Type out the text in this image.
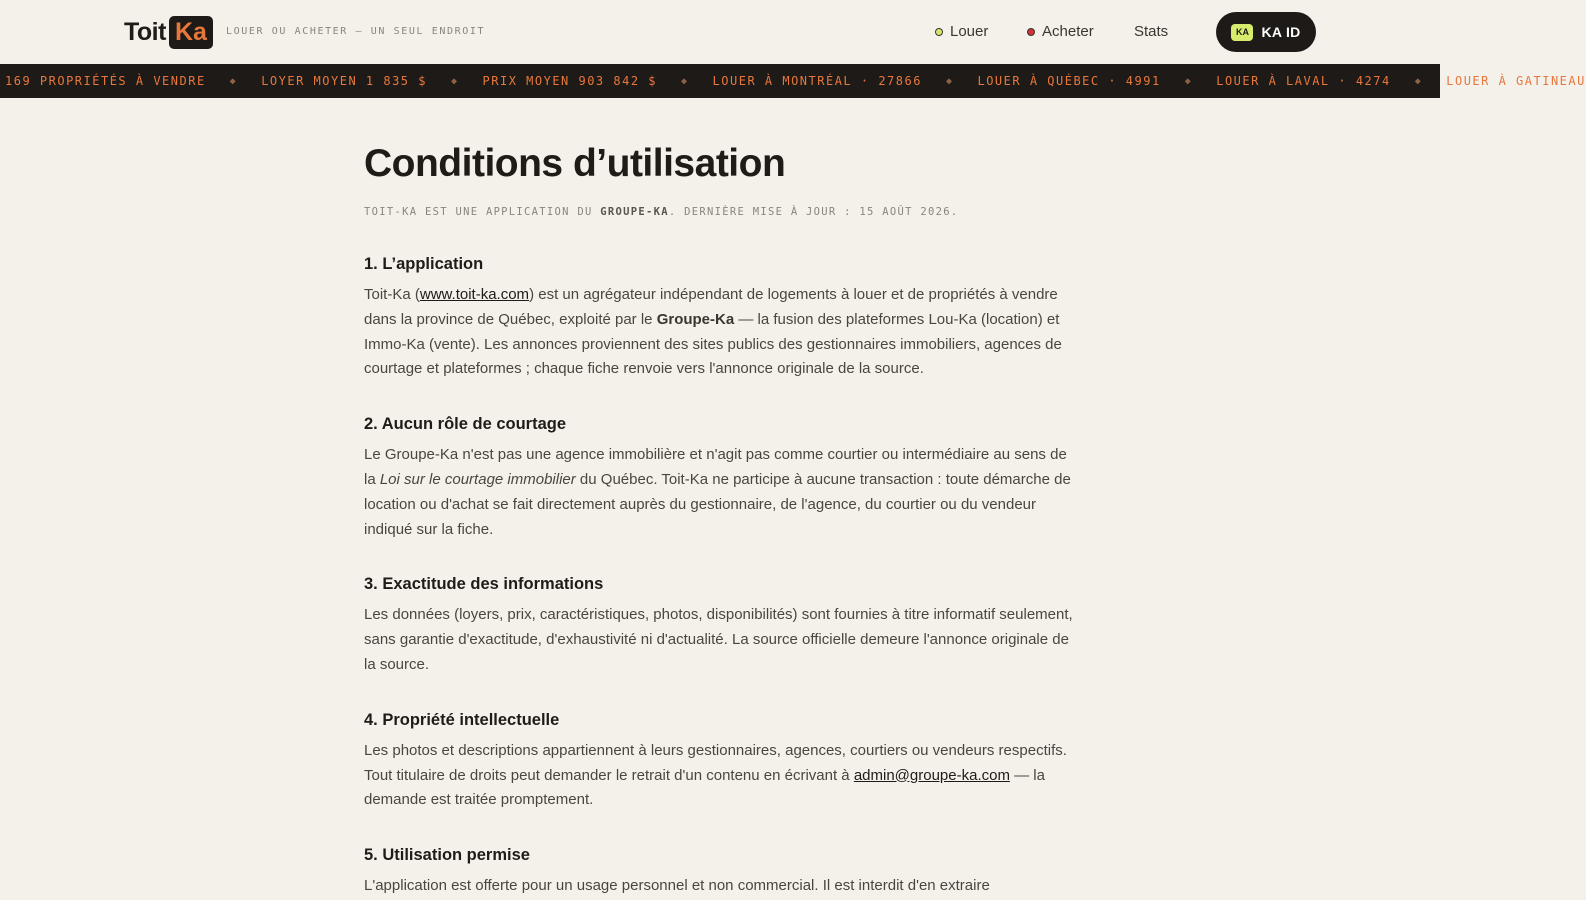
Toit Ka	LOUER OU ACHETER — UN SEUL ENDROIT	Louer	Acheter	Stats	KA KA ID
169 PROPRIÉTÉS À VENDRE ◆ LOYER MOYEN 1 835 $ ◆ PRIX MOYEN 903 842 $ ◆ LOUER À MONTRÉAL · 27866 ◆ LOUER À QUÉBEC · 4991 ◆ LOUER À LAVAL · 4274 ◆ LOUER À GATINEAU
Conditions d’utilisation
TOIT-KA EST UNE APPLICATION DU GROUPE-KA. DERNIÈRE MISE À JOUR : 15 AOÛT 2026.
1. L’application

Toit-Ka (www.toit-ka.com) est un agrégateur indépendant de logements à louer et de propriétés à vendre dans la province de Québec, exploité par le Groupe-Ka — la fusion des plateformes Lou-Ka (location) et Immo-Ka (vente). Les annonces proviennent des sites publics des gestionnaires immobiliers, agences de courtage et plateformes ; chaque fiche renvoie vers l'annonce originale de la source.

2. Aucun rôle de courtage

Le Groupe-Ka n'est pas une agence immobilière et n'agit pas comme courtier ou intermédiaire au sens de la Loi sur le courtage immobilier du Québec. Toit-Ka ne participe à aucune transaction : toute démarche de location ou d'achat se fait directement auprès du gestionnaire, de l'agence, du courtier ou du vendeur indiqué sur la fiche.

3. Exactitude des informations

Les données (loyers, prix, caractéristiques, photos, disponibilités) sont fournies à titre informatif seulement, sans garantie d'exactitude, d'exhaustivité ni d'actualité. La source officielle demeure l'annonce originale de la source.

4. Propriété intellectuelle

Les photos et descriptions appartiennent à leurs gestionnaires, agences, courtiers ou vendeurs respectifs. Tout titulaire de droits peut demander le retrait d'un contenu en écrivant à admin@groupe-ka.com — la demande est traitée promptement.

5. Utilisation permise

L'application est offerte pour un usage personnel et non commercial. Il est interdit d'en extraire
